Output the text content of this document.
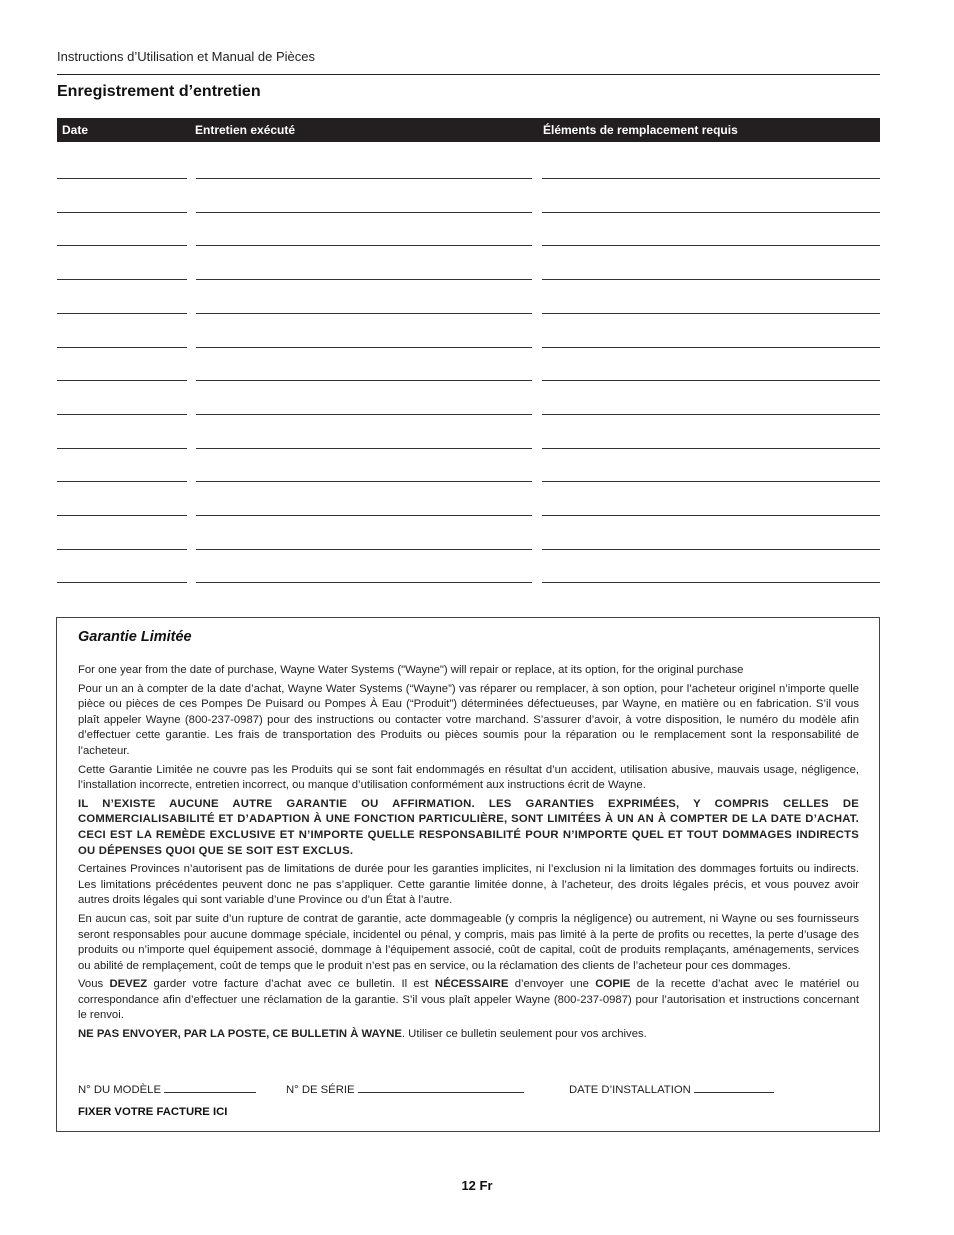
Instructions d’Utilisation et Manual de Pièces
Enregistrement d’entretien
Date	Entretien exécuté	Éléments de remplacement requis
Garantie Limitée

For one year from the date of purchase, Wayne Water Systems ("Wayne") will repair or replace, at its option, for the original purchase

Pour un an à compter de la date d’achat, Wayne Water Systems (“Wayne”) vas réparer ou remplacer, à son option, pour l’acheteur originel n’importe quelle pièce ou pièces de ces Pompes De Puisard ou Pompes À Eau (“Produit”) déterminées défectueuses, par Wayne, en matière ou en fabrication. S’il vous plaît appeler Wayne (800-237-0987) pour des instructions ou contacter votre marchand. S’assurer d’avoir, à votre disposition, le numéro du modèle afin d’effectuer cette garantie. Les frais de transportation des Produits ou pièces soumis pour la réparation ou le remplacement sont la responsabilité de l’acheteur.

Cette Garantie Limitée ne couvre pas les Produits qui se sont fait endommagés en résultat d’un accident, utilisation abusive, mauvais usage, négligence, l’installation incorrecte, entretien incorrect, ou manque d’utilisation conformément aux instructions écrit de Wayne.

IL N’EXISTE AUCUNE AUTRE GARANTIE OU AFFIRMATION. LES GARANTIES EXPRIMÉES, Y COMPRIS CELLES DE COMMERCIALISABILITÉ ET D’ADAPTION À UNE FONCTION PARTICULIÈRE, SONT LIMITÉES À UN AN À COMPTER DE LA DATE D’ACHAT. CECI EST LA REMÈDE EXCLUSIVE ET N’IMPORTE QUELLE RESPONSABILITÉ POUR N’IMPORTE QUEL ET TOUT DOMMAGES INDIRECTS OU DÉPENSES QUOI QUE SE SOIT EST EXCLUS.

Certaines Provinces n’autorisent pas de limitations de durée pour les garanties implicites, ni l’exclusion ni la limitation des dommages fortuits ou indirects. Les limitations précédentes peuvent donc ne pas s’appliquer. Cette garantie limitée donne, à l’acheteur, des droits légales précis, et vous pouvez avoir autres droits légales qui sont variable d’une Province ou d’un État à l’autre.

En aucun cas, soit par suite d’un rupture de contrat de garantie, acte dommageable (y compris la négligence) ou autrement, ni Wayne ou ses fournisseurs seront responsables pour aucune dommage spéciale, incidentel ou pénal, y compris, mais pas limité à la perte de profits ou recettes, la perte d’usage des produits ou n’importe quel équipement associé, dommage à l’équipement associé, coût de capital, coût de produits remplaçants, aménagements, services ou abilité de remplaçement, coût de temps que le produit n’est pas en service, ou la réclamation des clients de l’acheteur pour ces dommages.

Vous DEVEZ garder votre facture d’achat avec ce bulletin. Il est NÉCESSAIRE d’envoyer une COPIE de la recette d’achat avec le matériel ou correspondance afin d’effectuer une réclamation de la garantie. S’il vous plaît appeler Wayne (800-237-0987) pour l’autorisation et instructions concernant le renvoi.

NE PAS ENVOYER, PAR LA POSTE, CE BULLETIN À WAYNE. Utiliser ce bulletin seulement pour vos archives.

N° DU MODÈLE	N° DE SÉRIE	DATE D’INSTALLATION
FIXER VOTRE FACTURE ICI
12 Fr
